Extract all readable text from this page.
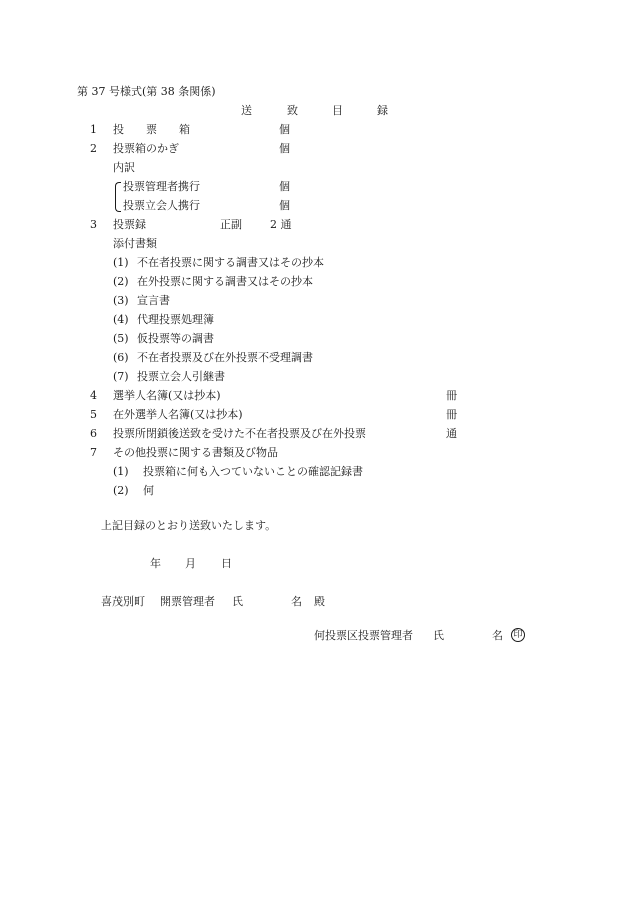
第 37 号様式(第 38 条関係)
送	致	目	録
1 投 票 箱	個
2 投票箱のかぎ	個
内訳
投票管理者携行	個
投票立会人携行	個
3 投票録	正副	2 通
添付書類
(1) 不在者投票に関する調書又はその抄本
(2) 在外投票に関する調書又はその抄本
(3) 宣言書
(4) 代理投票処理簿
(5) 仮投票等の調書
(6) 不在者投票及び在外投票不受理調書
(7) 投票立会人引継書
4 選挙人名簿(又は抄本)	冊
5 在外選挙人名簿(又は抄本)	冊
6 投票所閉鎖後送致を受けた不在者投票及び在外投票	通
7 その他投票に関する書類及び物品
(1) 投票箱に何も入つていないことの確認記録書
(2) 何
上記目録のとおり送致いたします。
年 月 日
喜茂別町 開票管理者 氏	名 殿
何投票区投票管理者 氏	名 印
